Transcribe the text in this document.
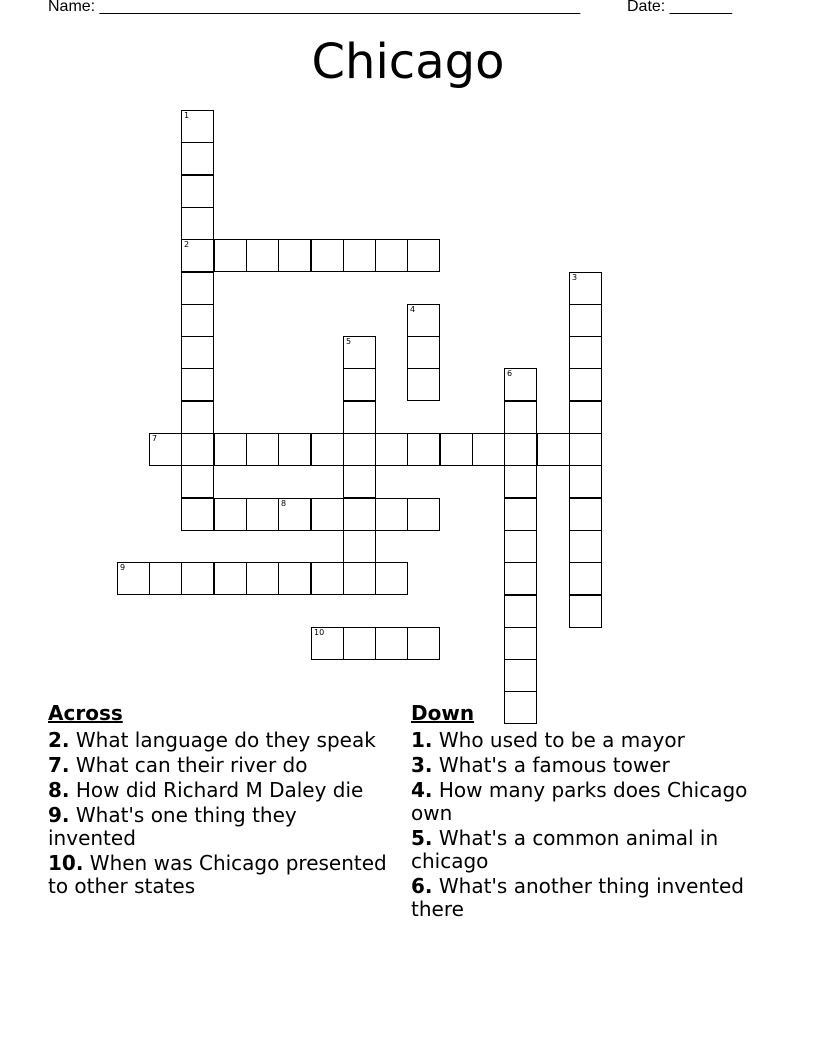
Name: ______________________________________________________	Date: _______
Chicago
1
2
3
4
5
6
7
8
10
9
Across
2. What language do they speak
7. What can their river do
8. How did Richard M Daley die
9. What's one thing they invented
10. When was Chicago presented to other states
Down
1. Who used to be a mayor
3. What's a famous tower
4. How many parks does Chicago own
5. What's a common animal in chicago
6. What's another thing invented there
